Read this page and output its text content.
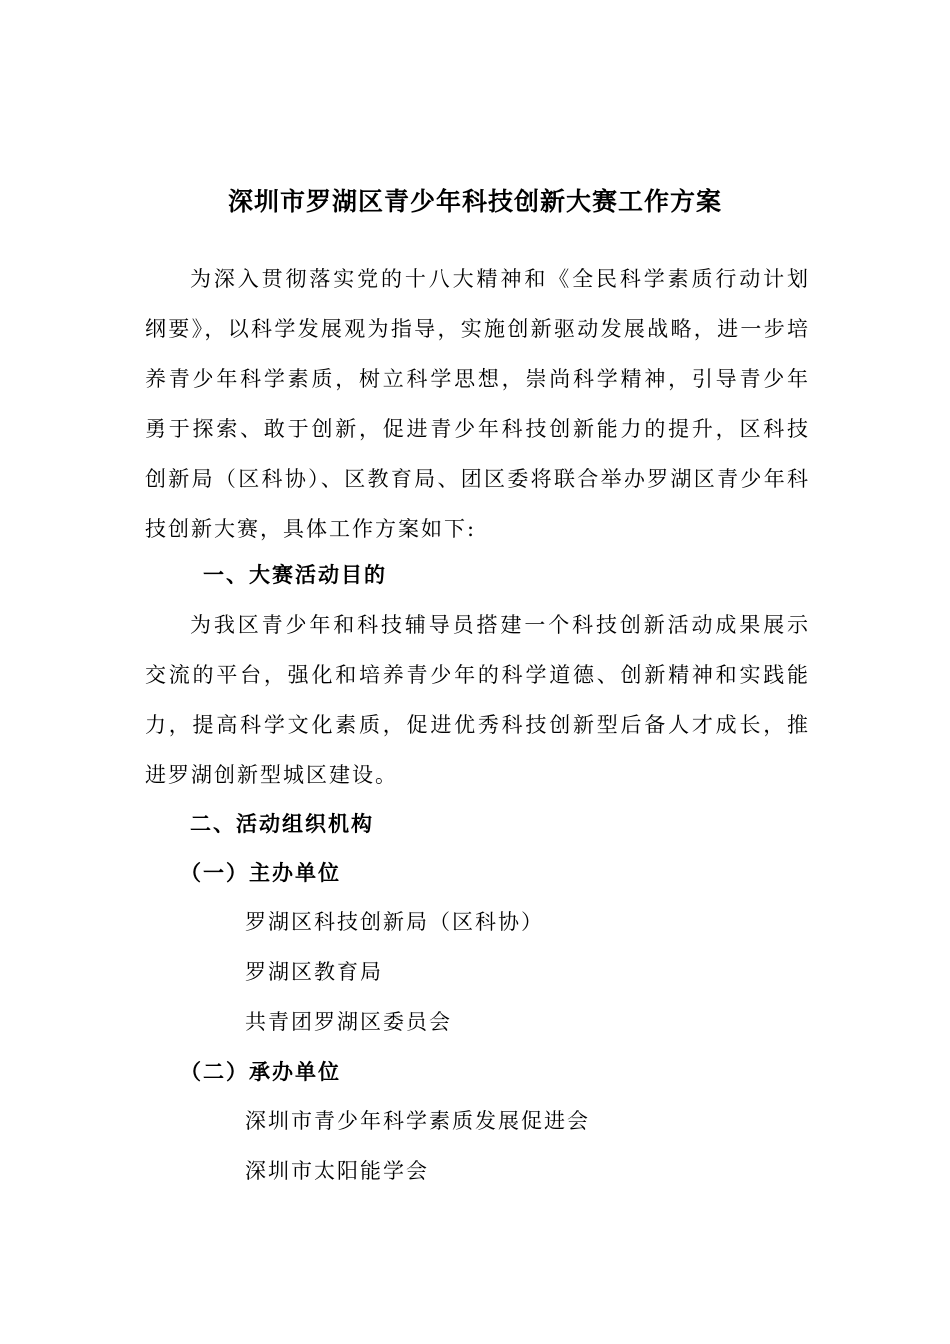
深圳市罗湖区青少年科技创新大赛工作方案
为深入贯彻落实党的十八大精神和《全民科学素质行动计划纲要》，以科学发展观为指导，实施创新驱动发展战略，进一步培养青少年科学素质，树立科学思想，崇尚科学精神，引导青少年勇于探索、敢于创新，促进青少年科技创新能力的提升，区科技创新局（区科协）、区教育局、团区委将联合举办罗湖区青少年科技创新大赛，具体工作方案如下:
一、大赛活动目的
为我区青少年和科技辅导员搭建一个科技创新活动成果展示交流的平台，强化和培养青少年的科学道德、创新精神和实践能力，提高科学文化素质，促进优秀科技创新型后备人才成长，推进罗湖创新型城区建设。
二、活动组织机构
（一）主办单位
罗湖区科技创新局（区科协）
罗湖区教育局
共青团罗湖区委员会
（二）承办单位
深圳市青少年科学素质发展促进会
深圳市太阳能学会
